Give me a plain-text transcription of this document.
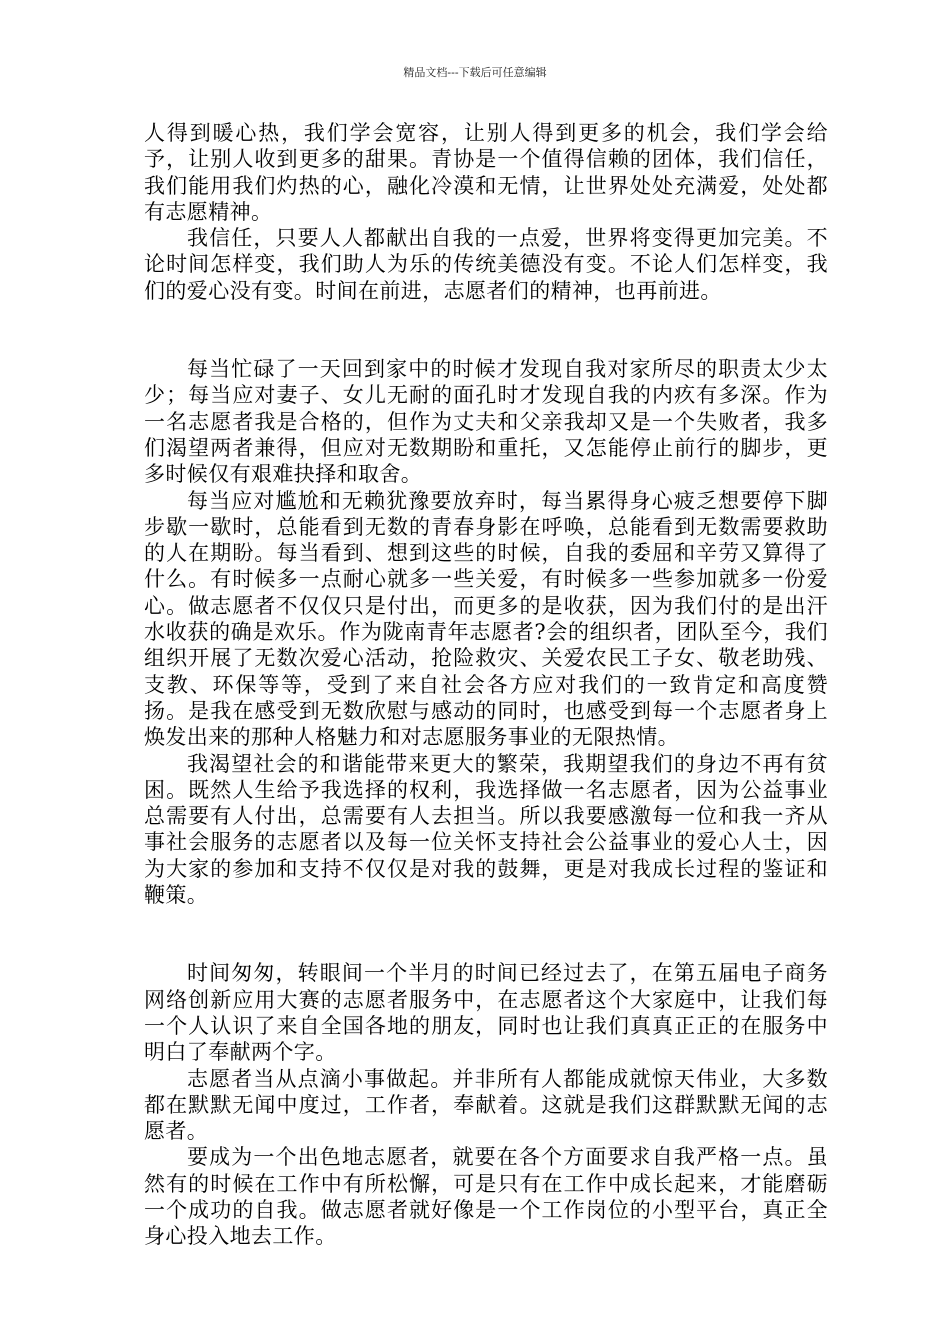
精品文档---下载后可任意编辑

人得到暖心热，我们学会宽容，让别人得到更多的机会，我们学会给予，让别人收到更多的甜果。青协是一个值得信赖的团体，我们信任，我们能用我们灼热的心，融化冷漠和无情，让世界处处充满爱，处处都有志愿精神。

我信任，只要人人都献出自我的一点爱，世界将变得更加完美。不论时间怎样变，我们助人为乐的传统美德没有变。不论人们怎样变，我们的爱心没有变。时间在前进，志愿者们的精神，也再前进。

每当忙碌了一天回到家中的时候才发现自我对家所尽的职责太少太少；每当应对妻子、女儿无耐的面孔时才发现自我的内疚有多深。作为一名志愿者我是合格的，但作为丈夫和父亲我却又是一个失败者，我多们渴望两者兼得，但应对无数期盼和重托，又怎能停止前行的脚步，更多时候仅有艰难抉择和取舍。

每当应对尴尬和无赖犹豫要放弃时，每当累得身心疲乏想要停下脚步歇一歇时，总能看到无数的青春身影在呼唤，总能看到无数需要救助的人在期盼。每当看到、想到这些的时候，自我的委屈和辛劳又算得了什么。有时候多一点耐心就多一些关爱，有时候多一些参加就多一份爱心。做志愿者不仅仅只是付出，而更多的是收获，因为我们付的是出汗水收获的确是欢乐。作为陇南青年志愿者?会的组织者，团队至今，我们组织开展了无数次爱心活动，抢险救灾、关爱农民工子女、敬老助残、支教、环保等等，受到了来自社会各方应对我们的一致肯定和高度赞扬。是我在感受到无数欣慰与感动的同时，也感受到每一个志愿者身上焕发出来的那种人格魅力和对志愿服务事业的无限热情。

我渴望社会的和谐能带来更大的繁荣，我期望我们的身边不再有贫困。既然人生给予我选择的权利，我选择做一名志愿者，因为公益事业总需要有人付出，总需要有人去担当。所以我要感激每一位和我一齐从事社会服务的志愿者以及每一位关怀支持社会公益事业的爱心人士，因为大家的参加和支持不仅仅是对我的鼓舞，更是对我成长过程的鉴证和鞭策。

时间匆匆，转眼间一个半月的时间已经过去了，在第五届电子商务网络创新应用大赛的志愿者服务中，在志愿者这个大家庭中，让我们每一个人认识了来自全国各地的朋友，同时也让我们真真正正的在服务中明白了奉献两个字。

志愿者当从点滴小事做起。并非所有人都能成就惊天伟业，大多数都在默默无闻中度过，工作者，奉献着。这就是我们这群默默无闻的志愿者。

要成为一个出色地志愿者，就要在各个方面要求自我严格一点。虽然有的时候在工作中有所松懈，可是只有在工作中成长起来，才能磨砺一个成功的自我。做志愿者就好像是一个工作岗位的小型平台，真正全身心投入地去工作。
